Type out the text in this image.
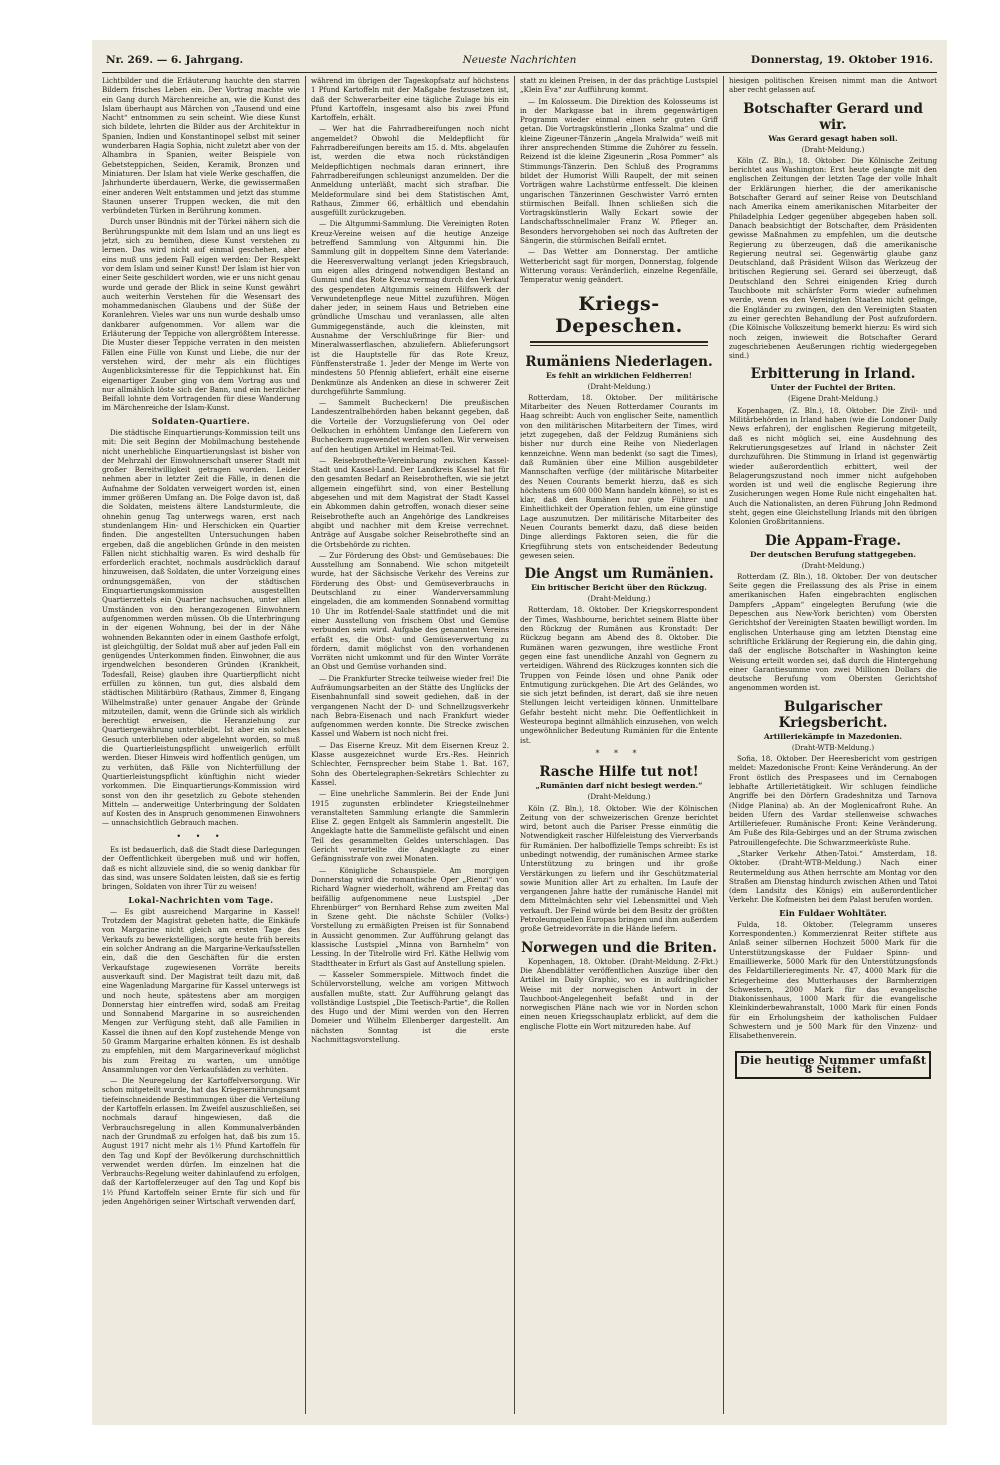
Nr. 269. — 6. Jahrgang.	Neueste Nachrichten	Donnerstag, 19. Oktober 1916.

Lichtbilder und die Erläuterung hauchte den starren Bildern frisches Leben ein. Der Vortrag machte wie ein Gang durch Märchenreiche an, wie die Kunst des Islam überhaupt aus Märchen von „Tausend und eine Nacht“ entnommen zu sein scheint. Wie diese Kunst sich bildete, lehrten die Bilder aus der Architektur in Spanien, Indien und Konstantinopel selbst mit seiner wunderbaren Hagia Sophia, nicht zuletzt aber von der Alhambra in Spanien, weiter Beispiele von Gebetsteppichen, Seiden, Keramik, Bronzen und Miniaturen. Der Islam hat viele Werke geschaffen, die Jahrhunderte überdauern, Werke, die gewissermaßen einer anderen Welt entstammen und jetzt das stumme Staunen unserer Truppen wecken, die mit den verbündeten Türken in Berührung kommen.

Durch unser Bündnis mit der Türkei nähern sich die Berührungspunkte mit dem Islam und an uns liegt es jetzt, sich zu bemühen, diese Kunst verstehen zu lernen. Das wird nicht auf einmal geschehen, aber eins muß uns jedem Fall eigen werden: Der Respekt vor dem Islam und seiner Kunst! Der Islam ist hier von einer Seite geschildert worden, wie er uns nicht genau wurde und gerade der Blick in seine Kunst gewährt auch weiterhin Verstehen für die Wesensart des mohammedanischen Glaubens und der Süße der Koranlehren. Vieles war uns nun wurde deshalb umso dankbarer aufgenommen. Vor allem war die Erläuterung der Teppiche von allergrößtem Interesse. Die Muster dieser Teppiche verraten in den meisten Fällen eine Fülle von Kunst und Liebe, die nur der verstehen wird, der mehr als ein flüchtiges Augenblicksinteresse für die Teppichkunst hat. Ein eigenartiger Zauber ging von dem Vortrag aus und nur allmählich löste sich der Bann, und ein herzlicher Beifall lohnte dem Vortragenden für diese Wanderung im Märchenreiche der Islam-Kunst.

Soldaten-Quartiere.

Die städtische Einquartierungs-Kommission teilt uns mit: Die seit Beginn der Mobilmachung bestehende nicht unerhebliche Einquartierungslast ist bisher von der Mehrzahl der Einwohnerschaft unserer Stadt mit großer Bereitwilligkeit getragen worden. Leider nehmen aber in letzter Zeit die Fälle, in denen die Aufnahme der Soldaten verweigert worden ist, einen immer größeren Umfang an. Die Folge davon ist, daß die Soldaten, meistens ältere Landsturmleute, die ohnehin genug Tag unterwegs waren, erst nach stundenlangem Hin- und Herschicken ein Quartier finden. Die angestellten Untersuchungen haben ergeben, daß die angeblichen Gründe in den meisten Fällen nicht stichhaltig waren. Es wird deshalb für erforderlich erachtet, nochmals ausdrücklich darauf hinzuweisen, daß Soldaten, die unter Vorzeigung eines ordnungsgemäßen, von der städtischen Einquartierungskommission ausgestellten Quartierzettels ein Quartier nachsuchen, unter allen Umständen von den herangezogenen Einwohnern aufgenommen werden müssen. Ob die Unterbringung in der eigenen Wohnung, bei der in der Nähe wohnenden Bekannten oder in einem Gasthofe erfolgt, ist gleichgültig, der Soldat muß aber auf jeden Fall ein genügendes Unterkommen finden. Einwohner, die aus irgendwelchen besonderen Gründen (Krankheit, Todesfall, Reise) glauben ihre Quartierpflicht nicht erfüllen zu können, tun gut, dies alsbald dem städtischen Militärbüro (Rathaus, Zimmer 8, Eingang Wilhelmstraße) unter genauer Angabe der Gründe mitzuteilen, damit, wenn die Gründe sich als wirklich berechtigt erweisen, die Heranziehung zur Quartiergewährung unterbleibt. Ist aber ein solches Gesuch unterblieben oder abgelehnt worden, so muß die Quartierleistungspflicht unweigerlich erfüllt werden. Dieser Hinweis wird hoffentlich genügen, um zu verhüten, daß Fälle von Nichterfüllung der Quartierleistungspflicht künftighin nicht wieder vorkommen. Die Einquartierungs-Kommission wird sonst von den ihr gesetzlich zu Gebote stehenden Mitteln — anderweitige Unterbringung der Soldaten auf Kosten des in Anspruch genommenen Einwohners — unnachsichtlich Gebrauch machen.

• • •

Es ist bedauerlich, daß die Stadt diese Darlegungen der Oeffentlichkeit übergeben muß und wir hoffen, daß es nicht allzuviele sind, die so wenig dankbar für das sind, was unsere Soldaten leisten, daß sie es fertig bringen, Soldaten von ihrer Tür zu weisen!

Lokal-Nachrichten vom Tage.

— Es gibt ausreichend Margarine in Kassel! Trotzdem der Magistrat gebeten hatte, die Einkäufe von Margarine nicht gleich am ersten Tage des Verkaufs zu bewerkstelligen, sorgte heute früh bereits ein solcher Andrang an die Margarine-Verkaufsstellen ein, daß die den Geschäften für die ersten Verkaufstage zugewiesenen Vorräte bereits ausverkauft sind. Der Magistrat teilt dazu mit, daß eine Wagenladung Margarine für Kassel unterwegs ist und noch heute, spätestens aber am morgigen Donnerstag hier eintreffen wird, sodaß am Freitag und Sonnabend Margarine in so ausreichenden Mengen zur Verfügung steht, daß alle Familien in Kassel die ihnen auf den Kopf zustehende Menge von 50 Gramm Margarine erhalten können. Es ist deshalb zu empfehlen, mit dem Margarineverkauf möglichst bis zum Freitag zu warten, um unnötige Ansammlungen vor den Verkaufsläden zu verhüten.

— Die Neuregelung der Kartoffelversorgung. Wir schon mitgeteilt wurde, hat das Kriegsernährungsamt tiefeinschneidende Bestimmungen über die Verteilung der Kartoffeln erlassen. Im Zweifel auszuschließen, sei nochmals darauf hingewiesen, daß die Verbrauchsregelung in allen Kommunalverbänden nach der Grundmaß zu erfolgen hat, daß bis zum 15. August 1917 nicht mehr als 1½ Pfund Kartoffeln für den Tag und Kopf der Bevölkerung durchschnittlich verwendet werden dürfen. Im einzelnen hat die Verbrauchs-Regelung weiter dahinlaufend zu erfolgen, daß der Kartoffelerzeuger auf den Tag und Kopf bis 1½ Pfund Kartoffeln seiner Ernte für sich und für jeden Angehörigen seiner Wirtschaft verwenden darf,

während im übrigen der Tageskopfsatz auf höchstens 1 Pfund Kartoffeln mit der Maßgabe festzusetzen ist, daß der Schwerarbeiter eine tägliche Zulage bis ein Pfund Kartoffeln, insgesamt also bis zwei Pfund Kartoffeln, erhält.

— Wer hat die Fahrradbereifungen noch nicht angemeldet? Obwohl die Meldepflicht für Fahrradbereifungen bereits am 15. d. Mts. abgelaufen ist, werden die etwa noch rückständigen Meldepflichtigen nochmals daran erinnert, ihre Fahrradbereifungen schleunigst anzumelden. Der die Anmeldung unterläßt, macht sich strafbar. Die Meldeformulare sind bei dem Statistischen Amt, Rathaus, Zimmer 66, erhältlich und ebendahin ausgefüllt zurückzugeben.

— Die Altgummi-Sammlung. Die Vereinigten Roten Kreuz-Vereine weisen auf die heutige Anzeige betreffend Sammlung von Altgummi hin. Die Sammlung gilt in doppeltem Sinne dem Vaterlande: die Heeresverwaltung verlangt jeden Kriegsbrauch, um eigen alles dringend notwendigen Bestand an Gummi und das Rote Kreuz vermag durch den Verkauf des gespendeten Altgummis seinem Hilfswerk der Verwundetenpflege neue Mittel zuzuführen. Mögen daher jeder, in seinem Haus und Betrieben eine gründliche Umschau und veranlassen, alle alten Gummigegenstände, auch die kleinsten, mit Ausnahme der Verschlußringe für Bier- und Mineralwasserflaschen, abzuliefern. Ablieferungsort ist die Hauptstelle für das Rote Kreuz, Fünffensterstraße 1. Jeder der Menge im Werte von mindestens 50 Pfennig abliefert, erhält eine eiserne Denkmünze als Andenken an diese in schwerer Zeit durchgeführte Sammlung.

— Sammelt Bucheckern! Die preußischen Landeszentralbehörden haben bekannt gegeben, daß die Vorteile der Vorzugslieferung von Oel oder Oelkuchen in erhöhtem Umfange den Lieferern von Bucheckern zugewendet werden sollen. Wir verweisen auf den heutigen Artikel im Heimat-Teil.

— Reisebrothefte-Vereinbarung zwischen Kassel-Stadt und Kassel-Land. Der Landkreis Kassel hat für den gesamten Bedarf an Reisebrotheften, wie sie jetzt allgemein eingeführt sind, von einer Bestellung abgesehen und mit dem Magistrat der Stadt Kassel ein Abkommen dahin getroffen, wonach dieser seine Reisebrothefte auch an Angehörige des Landkreises abgibt und nachher mit dem Kreise verrechnet. Anträge auf Ausgabe solcher Reisebrothefte sind an die Ortsbehörde zu richten.

— Zur Förderung des Obst- und Gemüsebaues: Die Ausstellung am Sonnabend. Wie schon mitgeteilt wurde, hat der Sächsische Verkehr des Vereins zur Förderung des Obst- und Gemüseverbrauchs in Deutschland zu einer Wanderversammlung eingeladen, die am kommenden Sonnabend vormittag 10 Uhr im Rotfendel-Saale stattfindet und die mit einer Ausstellung von frischem Obst und Gemüse verbunden sein wird. Aufgabe des genannten Vereins erfaßt es, die Obst- und Gemüseverwertung zu fördern, damit möglichst von den vorhandenen Vorräten nicht umkommt und für den Winter Vorräte an Obst und Gemüse vorhanden sind.

— Die Frankfurter Strecke teilweise wieder frei! Die Aufräumungsarbeiten an der Stätte des Unglücks der Eisenbahnunfall sind soweit gediehen, daß in der vergangenen Nacht der D- und Schnellzugsverkehr nach Bebra-Eisenach und nach Frankfurt wieder aufgenommen werden konnte. Die Strecke zwischen Kassel und Wabern ist noch nicht frei.

— Das Eiserne Kreuz. Mit dem Eisernen Kreuz 2. Klasse ausgezeichnet wurde Ers.-Res. Heinrich Schlechter, Fernsprecher beim Stabe 1. Bat. 167, Sohn des Obertelegraphen-Sekretärs Schlechter zu Kassel.

— Eine unehrliche Sammlerin. Bei der Ende Juni 1915 zugunsten erblindeter Kriegsteilnehmer veranstalteten Sammlung erlangte die Sammlerin Elise Z. gegen Entgelt als Sammlerin angestellt. Die Angeklagte hatte die Sammelliste gefälscht und einen Teil des gesammelten Geldes unterschlagen. Das Gericht verurteilte die Angeklagte zu einer Gefängnisstrafe von zwei Monaten.

— Königliche Schauspiele. Am morgigen Donnerstag wird die romantische Oper „Rienzi“ von Richard Wagner wiederholt, während am Freitag das beifällig aufgenommene neue Lustspiel „Der Ehrenbürger“ von Bernhard Rehse zum zweiten Mal in Szene geht. Die nächste Schüler (Volks-) Vorstellung zu ermäßigten Preisen ist für Sonnabend in Aussicht genommen. Zur Aufführung gelangt das klassische Lustspiel „Minna von Barnhelm“ von Lessing. In der Titelrolle wird Frl. Käthe Hellwig vom Stadttheater in Erfurt als Gast auf Anstellung spielen.

— Kasseler Sommerspiele. Mittwoch findet die Schülervorstellung, welche am vorigen Mittwoch ausfallen mußte, statt. Zur Aufführung gelangt das vollständige Lustspiel „Die Teetisch-Partie“, die Rollen des Hugo und der Mimi werden von den Herren Domeier und Wilhelm Ellenberger dargestellt. Am nächsten Sonntag ist die erste Nachmittagsvorstellung.

statt zu kleinen Preisen, in der das prächtige Lustspiel „Klein Eva“ zur Aufführung kommt.

— Im Kolosseum. Die Direktion des Kolosseums ist in der Markgasse bat in ihrem gegenwärtigen Programm wieder einmal einen sehr guten Griff getan. Die Vortragskünstlerin „Ilonka Szalma“ und die kleine Zigeuner-Tänzerin „Angela Mralwida“ weiß mit ihrer ansprechenden Stimme die Zuhörer zu fesseln. Reizend ist die kleine Zigeunerin „Rosa Pommer“ als Stimmungs-Tänzerin. Den Schluß des Programms bildet der Humorist Willi Raupelt, der mit seinen Vorträgen wahre Lachstürme entfesselt. Die kleinen ungarischen Tänzerinnen Geschwister Varró ernten stürmischen Beifall. Ihnen schließen sich die Vortragskünstlerin Wally Eckart sowie der Landschaftsschnellmaler Franz W. Pfleger an. Besonders hervorgehoben sei noch das Auftreten der Sängerin, die stürmischen Beifall erntet.

— Das Wetter am Donnerstag. Der amtliche Wetterbericht sagt für morgen, Donnerstag, folgende Witterung voraus: Veränderlich, einzelne Regenfälle, Temperatur wenig geändert.

Kriegs-Depeschen.
Rumäniens Niederlagen.
Es fehlt an wirklichen Feldherren!
(Draht-Meldung.)

Rotterdam, 18. Oktober. Der militärische Mitarbeiter des Neuen Rotterdamer Courants im Haag schreibt: Auch von englischer Seite, namentlich von den militärischen Mitarbeitern der Times, wird jetzt zugegeben, daß der Feldzug Rumäniens sich bisher nur durch eine Reihe von Niederlagen kennzeichne. Wenn man bedenkt (so sagt die Times), daß Rumänien über eine Million ausgebildeter Mannschaften verfüge (der militärische Mitarbeiter des Neuen Courants bemerkt hierzu, daß es sich höchstens um 600 000 Mann handeln könne), so ist es klar, daß den Rumänen nur gute Führer und Einheitlichkeit der Operation fehlen, um eine günstige Lage auszunutzen. Der militärische Mitarbeiter des Neuen Courants bemerkt dazu, daß diese beiden Dinge allerdings Faktoren seien, die für die Kriegführung stets von entscheidender Bedeutung gewesen seien.

Die Angst um Rumänien.
Ein britischer Bericht über den Rückzug.
(Draht-Meldung.)

Rotterdam, 18. Oktober. Der Kriegskorrespondent der Times, Washbourne, berichtet seinem Blatte über den Rückzug der Rumänen aus Kronstadt: Der Rückzug begann am Abend des 8. Oktober. Die Rumänen waren gezwungen, ihre westliche Front gegen eine fast unendliche Anzahl von Gegnern zu verteidigen. Während des Rückzuges konnten sich die Truppen von Feinde lösen und ohne Panik oder Entmutigung zurückgehen. Die Art des Geländes, wo sie sich jetzt befinden, ist derart, daß sie ihre neuen Stellungen leicht verteidigen können. Unmittelbare Gefahr besteht nicht mehr. Die Oeffentlichkeit in Westeuropa beginnt allmählich einzusehen, von welch ungewöhnlicher Bedeutung Rumänien für die Entente ist.

* * *
Rasche Hilfe tut not!
„Rumänien darf nicht besiegt werden.“
(Draht-Meldung.)

Köln (Z. Bln.), 18. Oktober. Wie der Kölnischen Zeitung von der schweizerischen Grenze berichtet wird, betont auch die Pariser Presse einmütig die Notwendigkeit rascher Hilfeleistung des Vierverbands für Rumänien. Der halboffizielle Temps schreibt: Es ist unbedingt notwendig, der rumänischen Armee starke Unterstützung zu bringen und ihr große Verstärkungen zu liefern und ihr Geschützmaterial sowie Munition aller Art zu erhalten. Im Laufe der vergangenen Jahre hatte der rumänische Handel mit dem Mittelmächten sehr viel Lebensmittel und Vieh verkauft. Der Feind würde bei dem Besitz der größten Petroleumquellen Europas bringen und ihm außerdem große Getreidevorräte in die Hände liefern.

Norwegen und die Briten.

Kopenhagen, 18. Oktober. (Draht-Meldung. Z-Fkt.) Die Abendblätter veröffentlichen Auszüge über den Artikel im Daily Graphic, wo es in aufdringlicher Weise mit der norwegischen Antwort in der Tauchboot-Angelegenheit befaßt und in der norwegischen Pläne nach wie vor in Norden schon einen neuen Kriegsschauplatz erblickt, auf dem die englische Flotte ein Wort mitzureden habe. Auf

hiesigen politischen Kreisen nimmt man die Antwort aber recht gelassen auf.

Botschafter Gerard und wir.
Was Gerard gesagt haben soll.
(Draht-Meldung.)

Köln (Z. Bln.), 18. Oktober. Die Kölnische Zeitung berichtet aus Washington: Erst heute gelangte mit den englischen Zeitungen der letzten Tage der volle Inhalt der Erklärungen hierher, die der amerikanische Botschafter Gerard auf seiner Reise von Deutschland nach Amerika einem amerikanischen Mitarbeiter der Philadelphia Ledger gegenüber abgegeben haben soll. Danach beabsichtigt der Botschafter, dem Präsidenten gewisse Maßnahmen zu empfehlen, um die deutsche Regierung zu überzeugen, daß die amerikanische Regierung neutral sei. Gegenwärtig glaube ganz Deutschland, daß Präsident Wilson das Werkzeug der britischen Regierung sei. Gerard sei überzeugt, daß Deutschland den Schrei einigenden Krieg durch Tauchboote mit schärfster Form wieder aufnehmen werde, wenn es den Vereinigten Staaten nicht gelinge, die Engländer zu zwingen, den den Vereinigten Staaten zu einer gerechten Behandlung der Post aufzufordern. (Die Kölnische Volkszeitung bemerkt hierzu: Es wird sich noch zeigen, inwieweit die Botschafter Gerard zugeschriebenen Aeußerungen richtig wiedergegeben sind.)

Erbitterung in Irland.
Unter der Fuchtel der Briten.
(Eigene Draht-Meldung.)

Kopenhagen, (Z. Bln.), 18. Oktober. Die Zivil- und Militärbehörden in Irland haben (wie die Londoner Daily News erfahren), der englischen Regierung mitgeteilt, daß es nicht möglich sei, eine Ausdehnung des Rekrutierungsgesetzes auf Irland in nächster Zeit durchzuführen. Die Stimmung in Irland ist gegenwärtig wieder außerordentlich erbittert, weil der Belagerungszustand noch immer nicht aufgehoben worden ist und weil die englische Regierung ihre Zusicherungen wegen Home Rule nicht eingehalten hat. Auch die Nationalisten, an deren Führung John Redmond steht, gegen eine Gleichstellung Irlands mit den übrigen Kolonien Großbritanniens.

Die Appam-Frage.
Der deutschen Berufung stattgegeben.
(Draht-Meldung.)

Rotterdam (Z. Bln.), 18. Oktober. Der von deutscher Seite gegen die Freilassung des als Prise in einem amerikanischen Hafen eingebrachten englischen Dampfers „Appam“ eingelegten Berufung (wie die Depeschen aus New-York berichten) vom Obersten Gerichtshof der Vereinigten Staaten bewilligt worden. Im englischen Unterhause ging am letzten Dienstag eine schriftliche Erklärung der Regierung ein, die dahin ging, daß der englische Botschafter in Washington keine Weisung erteilt worden sei, daß durch die Hintergehung einer Garantiesumme von zwei Millionen Dollars die deutsche Berufung vom Obersten Gerichtshof angenommen worden ist.

Bulgarischer Kriegsbericht.
Artilleriekämpfe in Mazedonien.
(Draht-WTB-Meldung.)

Sofia, 18. Oktober. Der Heeresbericht vom gestrigen meldet: Mazedonische Front: Keine Veränderung. An der Front östlich des Prespasees und im Cernabogen lebhafte Artillerietätigkeit. Wir schlugen feindliche Angriffe bei den Dörfern Gradeshnitza und Tarnova (Nidge Planina) ab. An der Moglenicafront Ruhe. An beiden Ufern des Vardar stellenweise schwaches Artilleriefeuer. Rumänische Front: Keine Veränderung. Am Fuße des Rila-Gebirges und an der Struma zwischen Patrouillengefechte. Die Schwarzmeerküste Ruhe.

„Starker Verkehr Athen-Tatoi.“ Amsterdam, 18. Oktober. (Draht-WTB-Meldung.) Nach einer Reutermeldung aus Athen herrschte am Montag vor den Straßen am Dienstag hindurch zwischen Athen und Tatoi (dem Landsitz des Königs) ein außerordentlicher Verkehr. Die Kofmeisten bei dem Palast berufen worden.

Ein Fuldaer Wohltäter.

Fulda, 18. Oktober. (Telegramm unseres Korrespondenten.) Kommerzienrat Reiter stiftete aus Anlaß seiner silbernen Hochzeit 5000 Mark für die Unterstützungskasse der Fuldaer Spinn- und Emailliewerke, 5000 Mark für den Unterstützungsfonds des Feldartillerieregiments Nr. 47, 4000 Mark für die Kriegerheime des Mutterhauses der Barmherzigen Schwestern, 2000 Mark für das evangelische Diakonissenhaus, 1000 Mark für die evangelische Kleinkinderbewahranstalt, 1000 Mark für einen Fonds für ein Erholungsheim der katholischen Fuldaer Schwestern und je 500 Mark für den Vinzenz- und Elisabethenverein.

Die heutige Nummer umfaßt 8 Seiten.
